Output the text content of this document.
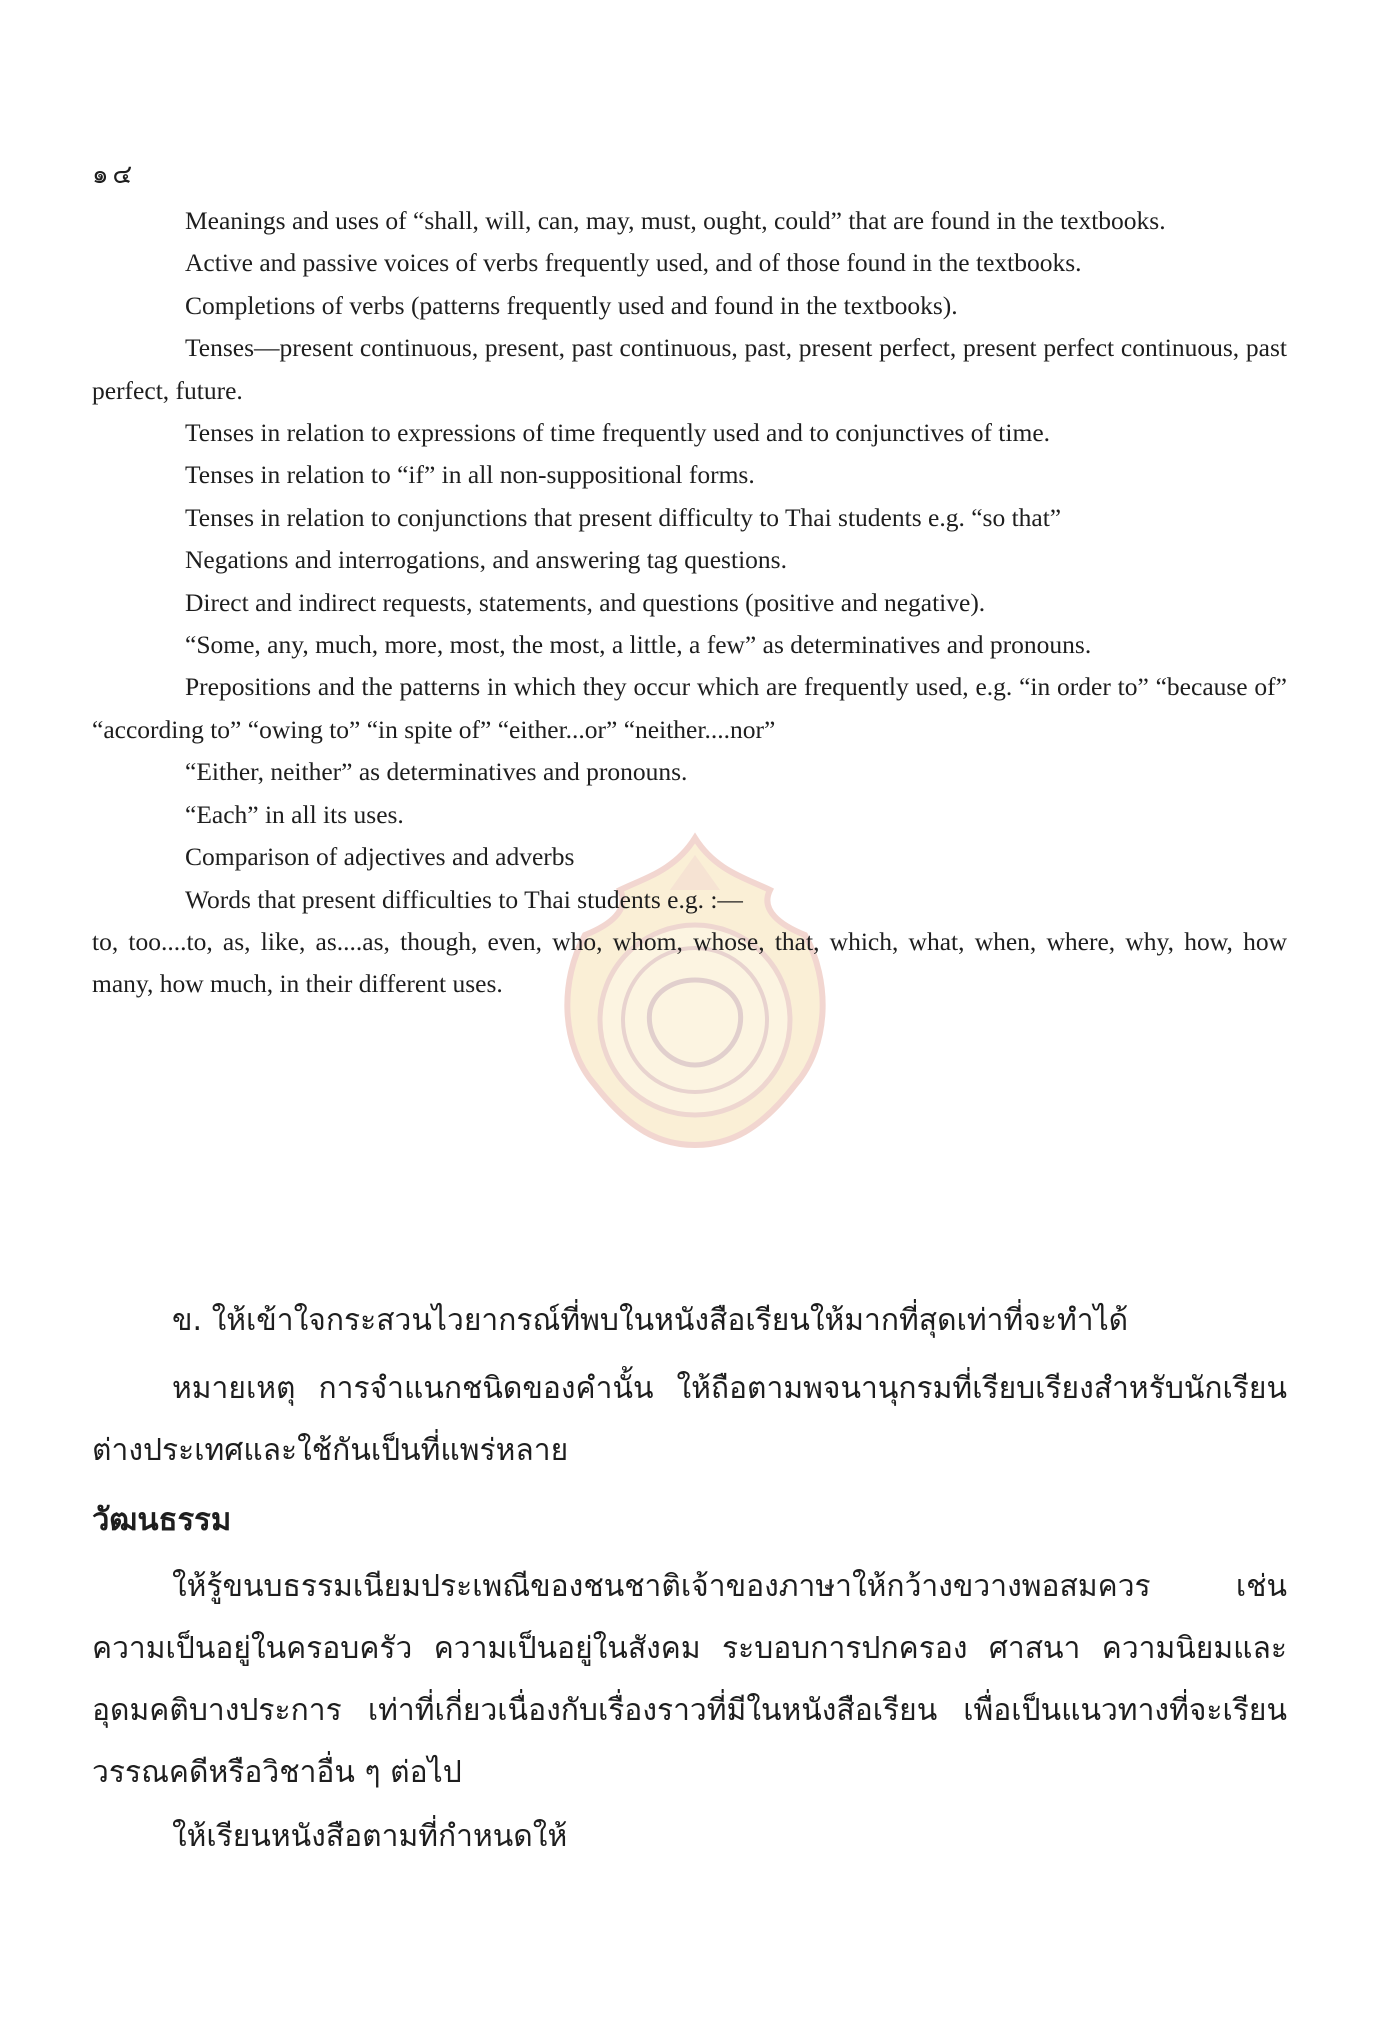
๑๔

Meanings and uses of “shall, will, can, may, must, ought, could” that are found in the textbooks.

Active and passive voices of verbs frequently used, and of those found in the textbooks.

Completions of verbs (patterns frequently used and found in the textbooks).

Tenses—present continuous, present, past continuous, past, present perfect, present perfect continuous, past perfect, future.

Tenses in relation to expressions of time frequently used and to conjunctives of time.

Tenses in relation to “if” in all non-suppositional forms.

Tenses in relation to conjunctions that present difficulty to Thai students e.g. “so that”

Negations and interrogations, and answering tag questions.

Direct and indirect requests, statements, and questions (positive and negative).

“Some, any, much, more, most, the most, a little, a few” as determinatives and pronouns.

Prepositions and the patterns in which they occur which are frequently used, e.g. “in order to” “because of” “according to” “owing to” “in spite of” “either...or” “neither....nor”

“Either, neither” as determinatives and pronouns.

“Each” in all its uses.

Comparison of adjectives and adverbs

Words that present difficulties to Thai students e.g. :—

to, too....to, as, like, as....as, though, even, who, whom, whose, that, which, what, when, where, why, how, how many, how much, in their different uses.

ข. ให้เข้าใจกระสวนไวยากรณ์ที่พบในหนังสือเรียนให้มากที่สุดเท่าที่จะทำได้

หมายเหตุ การจำแนกชนิดของคำนั้น ให้ถือตามพจนานุกรมที่เรียบเรียงสำหรับนักเรียนต่างประเทศและใช้กันเป็นที่แพร่หลาย

วัฒนธรรม

ให้รู้ขนบธรรมเนียมประเพณีของชนชาติเจ้าของภาษาให้กว้างขวางพอสมควร เช่น ความเป็นอยู่ในครอบครัว ความเป็นอยู่ในสังคม ระบอบการปกครอง ศาสนา ความนิยมและอุดมคติบางประการ เท่าที่เกี่ยวเนื่องกับเรื่องราวที่มีในหนังสือเรียน เพื่อเป็นแนวทางที่จะเรียนวรรณคดีหรือวิชาอื่น ๆ ต่อไป

ให้เรียนหนังสือตามที่กำหนดให้
